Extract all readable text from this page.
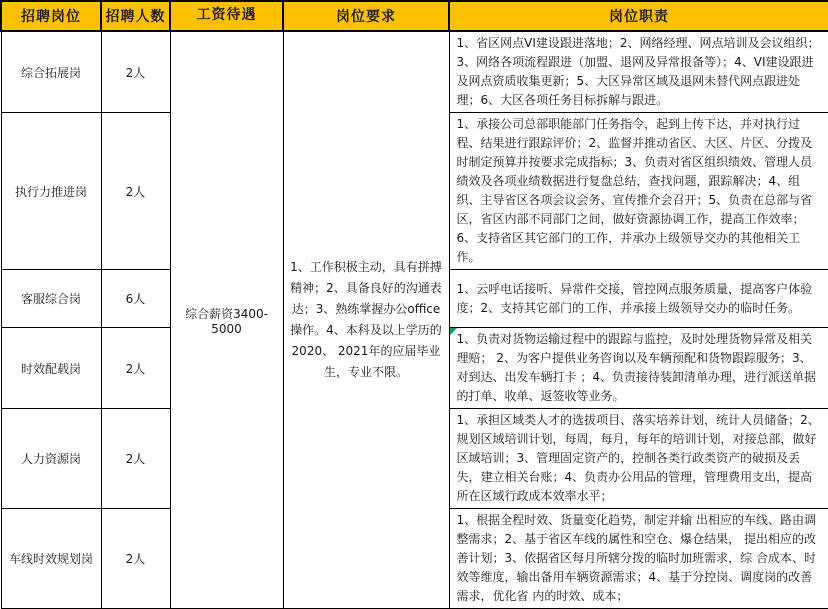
招聘岗位	招聘人数	工资待遇	岗位要求	岗位职责
综合拓展岗	2人	综合薪资3400-5000	1、工作积极主动，具有拼搏精神；2、具备良好的沟通表达；3、熟练掌握办公office操作。4、本科及以上学历的2020、 2021年的应届毕业生，专业不限。	1、省区网点VI建设跟进落地；2、网络经理、网点培训及会议组织；3、网络各项流程跟进（加盟、退网及异常报备等）；4、VI建设跟进及网点资质收集更新；5、大区异常区域及退网未替代网点跟进处理；6、大区各项任务目标拆解与跟进。
执行力推进岗	2人			1、承接公司总部职能部门任务指令，起到上传下达，并对执行过程、结果进行跟踪评价；2、监督并推动省区、大区、片区、分拨及时制定预算并按要求完成指标；3、负责对省区组织绩效、管理人员绩效及各项业绩数据进行复盘总结，查找问题，跟踪解决；4、组织、主导省区各项会议会务、宣传推介会召开；5、负责在总部与省区，省区内部不同部门之间，做好资源协调工作，提高工作效率；6、支持省区其它部门的工作，并承办上级领导交办的其他相关工作。
客服综合岗	6人			1、云呼电话接听、异常件交接，管控网点服务质量，提高客户体验度；2、支持其它部门的工作，并承接上级领导交办的临时任务。
时效配载岗	2人			1、负责对货物运输过程中的跟踪与监控，及时处理货物异常及相关理赔； 2、为客户提供业务咨询以及车辆预配和货物跟踪服务；3、对到达、出发车辆打卡 ；4、负责接待装卸清单办理，进行派送单据的打单、收单、返签收等业务。
人力资源岗	2人			1、承担区域类人才的选拔项目、落实培养计划，统计人员储备；2、规划区域培训计划，每周，每月，每年的培训计划，对接总部，做好区域培训；3、管理固定资产的，控制各类行政类资产的破损及丢失，建立相关台账；4、负责办公用品的管理，管理费用支出，提高所在区域行政成本效率水平；
车线时效规划岗	2人			1、根据全程时效、货量变化趋势，制定并输 出相应的车线、路由调整需求；2、基于省区车线的属性和空仓、爆仓结果， 提出相应的改善计划；3、依据省区每月所辖分拨的临时加班需求，综 合成本、时效等维度，输出备用车辆资源需求；4、基于分控岗、调度岗的改善需求，优化省 内的时效、成本；
